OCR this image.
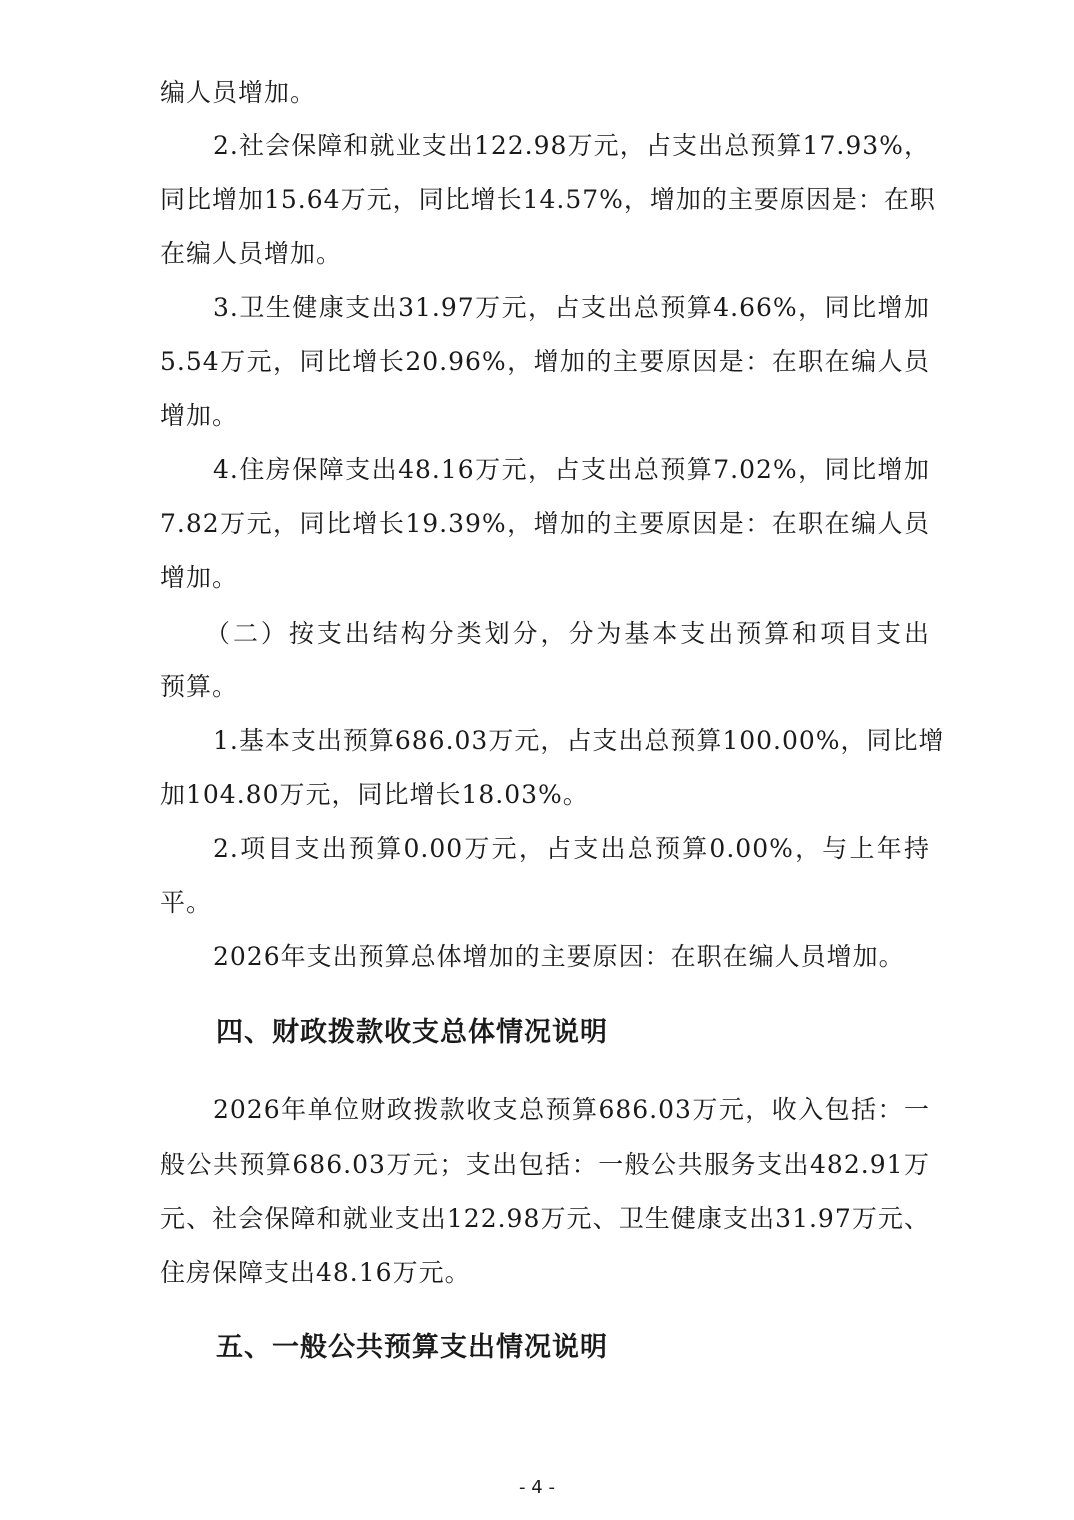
编人员增加。
2.社会保障和就业支出122.98万元，占支出总预算17.93%，
同比增加15.64万元，同比增长14.57%，增加的主要原因是：在职
在编人员增加。
3.卫生健康支出31.97万元，占支出总预算4.66%，同比增加
5.54万元，同比增长20.96%，增加的主要原因是：在职在编人员
增加。
4.住房保障支出48.16万元，占支出总预算7.02%，同比增加
7.82万元，同比增长19.39%，增加的主要原因是：在职在编人员
增加。
（二）按支出结构分类划分，分为基本支出预算和项目支出
预算。
1.基本支出预算686.03万元，占支出总预算100.00%，同比增
加104.80万元，同比增长18.03%。
2.项目支出预算0.00万元，占支出总预算0.00%，与上年持
平。
2026年支出预算总体增加的主要原因：在职在编人员增加。
四、财政拨款收支总体情况说明
2026年单位财政拨款收支总预算686.03万元，收入包括：一
般公共预算686.03万元；支出包括：一般公共服务支出482.91万
元、社会保障和就业支出122.98万元、卫生健康支出31.97万元、
住房保障支出48.16万元。
五、一般公共预算支出情况说明
- 4 -
